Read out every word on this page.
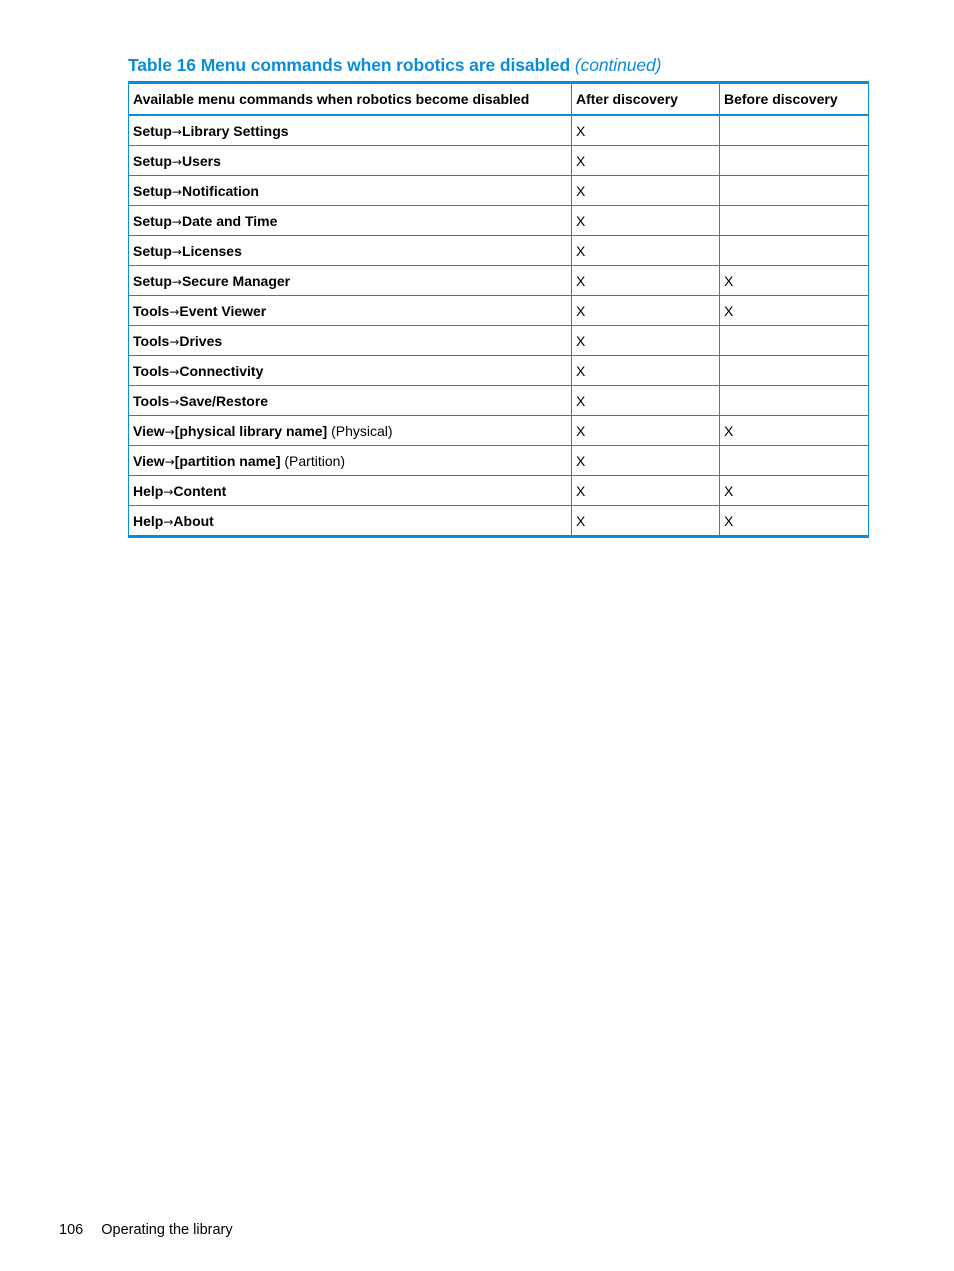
Table 16 Menu commands when robotics are disabled (continued)
Available menu commands when robotics become disabled	After discovery	Before discovery
Setup→Library Settings	X	
Setup→Users	X	
Setup→Notification	X	
Setup→Date and Time	X	
Setup→Licenses	X	
Setup→Secure Manager	X	X
Tools→Event Viewer	X	X
Tools→Drives	X	
Tools→Connectivity	X	
Tools→Save/Restore	X	
View→[physical library name] (Physical)	X	X
View→[partition name] (Partition)	X	
Help→Content	X	X
Help→About	X	X
106 Operating the library
